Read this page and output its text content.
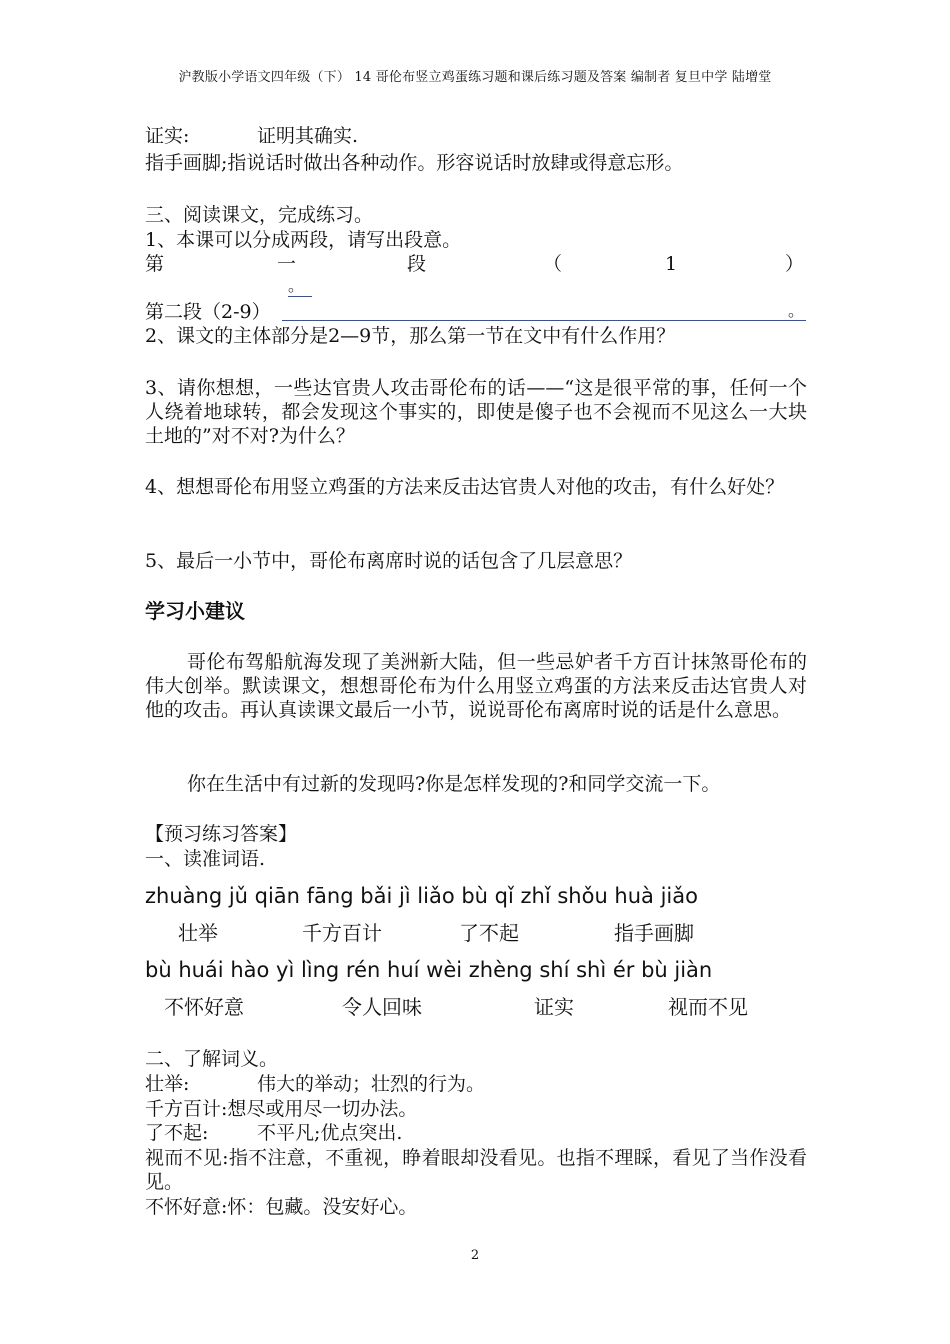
沪教版小学语文四年级（下） 14 哥伦布竖立鸡蛋练习题和课后练习题及答案 编制者 复旦中学 陆增堂
证实:	证明其确实.
指手画脚;指说话时做出各种动作。形容说话时放肆或得意忘形。
三、阅读课文，完成练习。
1、本课可以分成两段，请写出段意。
第	一	段	（	1	）
。
第二段（2-9）	。
2、课文的主体部分是2—9节，那么第一节在文中有什么作用？
3、请你想想，一些达官贵人攻击哥伦布的话——“这是很平常的事，任何一个人绕着地球转，都会发现这个事实的，即使是傻子也不会视而不见这么一大块土地的”对不对?为什么？
4、想想哥伦布用竖立鸡蛋的方法来反击达官贵人对他的攻击，有什么好处？
5、最后一小节中，哥伦布离席时说的话包含了几层意思？
学习小建议
哥伦布驾船航海发现了美洲新大陆，但一些忌妒者千方百计抹煞哥伦布的伟大创举。默读课文，想想哥伦布为什么用竖立鸡蛋的方法来反击达官贵人对他的攻击。再认真读课文最后一小节，说说哥伦布离席时说的话是什么意思。
你在生活中有过新的发现吗?你是怎样发现的?和同学交流一下。
【预习练习答案】
一、读准词语.
zhuàng jǔ qiān fāng bǎi jì liǎo bù qǐ zhǐ shǒu huà jiǎo
壮举	千方百计	了不起	指手画脚
bù huái hào yì lìng rén huí wèi zhèng shí shì ér bù jiàn
不怀好意	令人回味	证实	视而不见
二、了解词义。
壮举:	伟大的举动；壮烈的行为。
千方百计:想尽或用尽一切办法。
了不起:	不平凡;优点突出.
视而不见:指不注意，不重视，睁着眼却没看见。也指不理睬，看见了当作没看见。
不怀好意:怀：包藏。没安好心。
2
